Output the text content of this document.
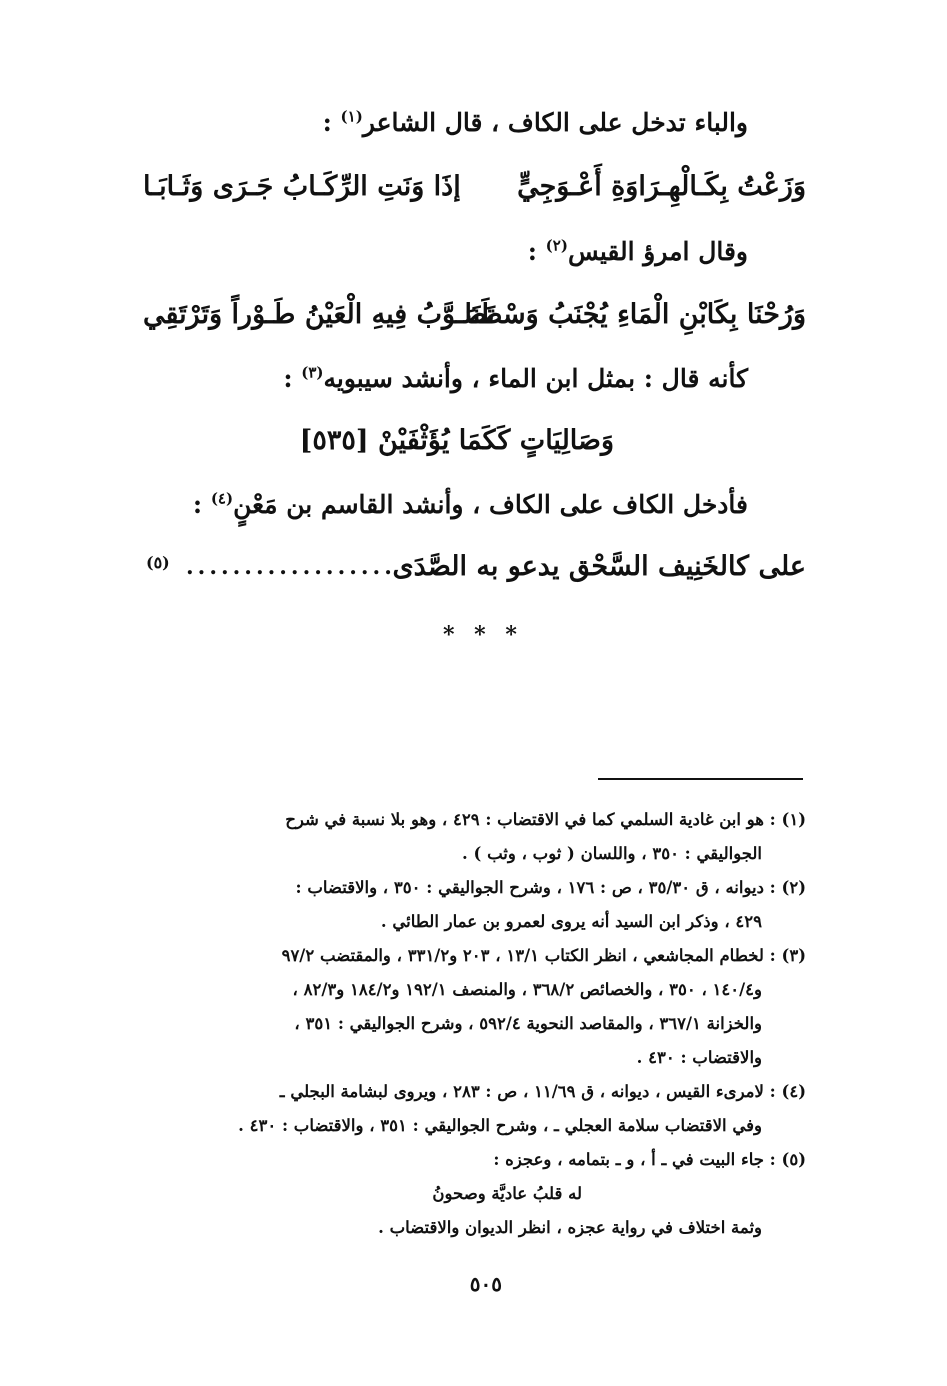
والباء تدخل على الكاف ، قال الشاعر$^{(١)}$ :
وَزَعْتُ بِكَـالْهِـرَاوَةِ أَعْـوَجِيٍّ
إذَا وَنَتِ الرِّكَـابُ جَـرَى وَثَـابَـا
وقال امرؤ القيس$^{(٢)}$ :
وَرُحْنَا بِكَابْنِ الْمَاءِ يُجْنَبُ وَسْطَنَا
تَصَـوَّبُ فِيهِ الْعَيْنُ طَـوْراً وَتَرْتَقِي
كأنه قال : بمثل ابن الماء ، وأنشد سيبويه$^{(٣)}$ :
وَصَالِيَاتٍ كَكَمَا يُؤَثْفَيْنْ [٥٣٥]
فأدخل الكاف على الكاف ، وأنشد القاسم بن مَعْنٍ$^{(٤)}$ :
على كالخَنِيف السَّحْق يدعو به الصَّدَى
..................
(٥)
* * *
(١) : هو ابن غادية السلمي كما في الاقتضاب : ٤٢٩ ، وهو بلا نسبة في شرح
الجواليقي : ٣٥٠ ، واللسان ( ثوب ، وثب ) .
(٢) : ديوانه ، ق ٣٥/٣٠ ، ص : ١٧٦ ، وشرح الجواليقي : ٣٥٠ ، والاقتضاب :
٤٢٩ ، وذكر ابن السيد أنه يروى لعمرو بن عمار الطائي .
(٣) : لخطام المجاشعي ، انظر الكتاب ١٣/١ ، ٢٠٣ و٣٣١/٢ ، والمقتضب ٩٧/٢
و١٤٠/٤ ، ٣٥٠ ، والخصائص ٣٦٨/٢ ، والمنصف ١٩٢/١ و١٨٤/٢ و٨٢/٣ ،
والخزانة ٣٦٧/١ ، والمقاصد النحوية ٥٩٢/٤ ، وشرح الجواليقي : ٣٥١ ،
والاقتضاب : ٤٣٠ .
(٤) : لامرىء القيس ، ديوانه ، ق ١١/٦٩ ، ص : ٢٨٣ ، ويروى لبشامة البجلي ـ
وفي الاقتضاب سلامة العجلي ـ ، وشرح الجواليقي : ٣٥١ ، والاقتضاب : ٤٣٠ .
(٥) : جاء البيت في ـ أ ، و ـ بتمامه ، وعجزه :
له قلبُ عاديَّة وصحونُ
وثمة اختلاف في رواية عجزه ، انظر الديوان والاقتضاب .
٥٠٥
